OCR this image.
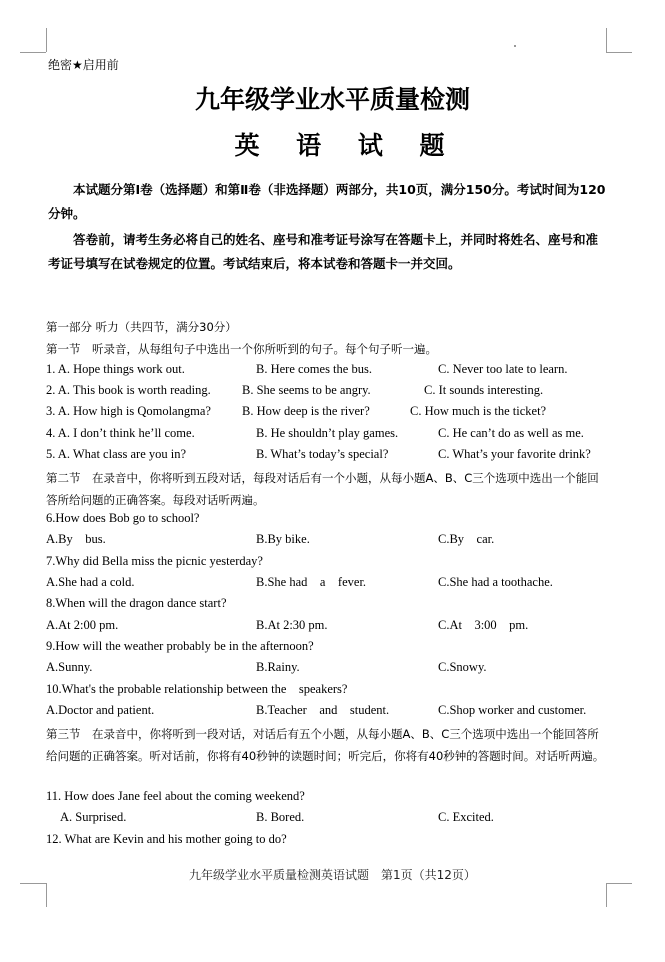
绝密★启用前
九年级学业水平质量检测
英 语 试 题

本试题分第Ⅰ卷（选择题）和第Ⅱ卷（非选择题）两部分，共10页，满分150分。考试时间为120分钟。

答卷前，请考生务必将自己的姓名、座号和准考证号涂写在答题卡上，并同时将姓名、座号和准考证号填写在试卷规定的位置。考试结束后，将本试卷和答题卡一并交回。

第一部分 听力（共四节，满分30分）
第一节　听录音，从每组句子中选出一个你所听到的句子。每个句子听一遍。
1. A. Hope things work out.	B. Here comes the bus.	C. Never too late to learn.
2. A. This book is worth reading.	B. She seems to be angry.	C. It sounds interesting.
3. A. How high is Qomolangma? B. How deep is the river?	C. How much is the ticket?
4. A. I don’t think he’ll come.	B. He shouldn’t play games.	C. He can’t do as well as me.
5. A. What class are you in?	B. What’s today’s special?	C. What’s your favorite drink?
第二节　在录音中，你将听到五段对话，每段对话后有一个小题，从每小题A、B、C三个选项中选出一个能回答所给问题的正确答案。每段对话听两遍。
6.How does Bob go to school?
A.By    bus.	B.By bike.	C.By    car.
7.Why did Bella miss the picnic yesterday?
A.She had a cold.	B.She had    a    fever.	C.She had a toothache.
8.When will the dragon dance start?
A.At 2:00 pm.	B.At 2:30 pm.	C.At    3:00    pm.
9.How will the weather probably be in the afternoon?
A.Sunny.	B.Rainy.	C.Snowy.
10.What's the probable relationship between the    speakers?
A.Doctor and patient.	B.Teacher    and    student.	C.Shop worker and customer.
第三节　在录音中，你将听到一段对话，对话后有五个小题，从每小题A、B、C三个选项中选出一个能回答所给问题的正确答案。听对话前，你将有40秒钟的读题时间；听完后，你将有40秒钟的答题时间。对话听两遍。
11. How does Jane feel about the coming weekend?
A. Surprised.	B. Bored.	C. Excited.
12. What are Kevin and his mother going to do?
九年级学业水平质量检测英语试题　第1页（共12页）
